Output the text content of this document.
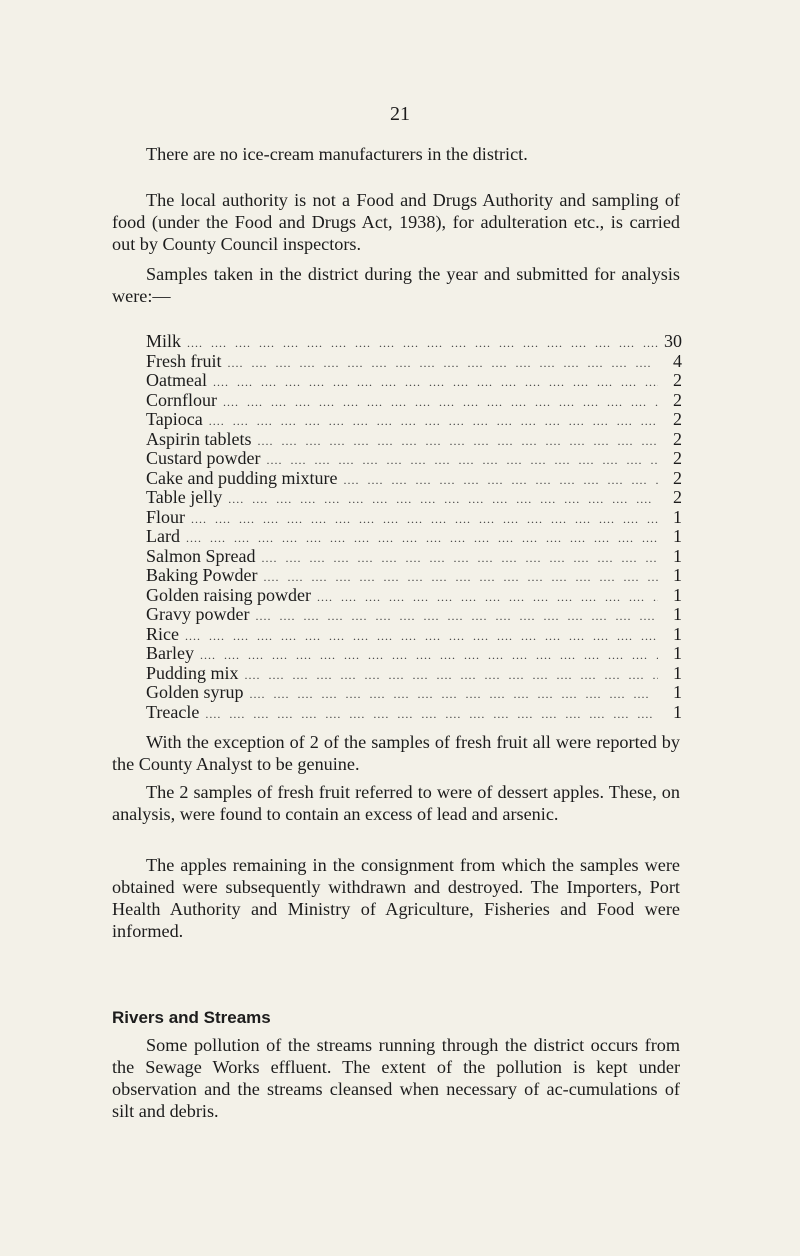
21

There are no ice-cream manufacturers in the district.

The local authority is not a Food and Drugs Authority and sampling of food (under the Food and Drugs Act, 1938), for adulteration etc., is carried out by County Council inspectors.

Samples taken in the district during the year and submitted for analysis were:—

Milk ....	30
Fresh fruit ....	4
Oatmeal ....	2
Cornflour ....	2
Tapioca ....	2
Aspirin tablets ....	2
Custard powder ....	2
Cake and pudding mixture ....	2
Table jelly ....	2
Flour ....	1
Lard ....	1
Salmon Spread ....	1
Baking Powder ....	1
Golden raising powder ....	1
Gravy powder ....	1
Rice ....	1
Barley ....	1
Pudding mix ....	1
Golden syrup ....	1
Treacle ....	1

With the exception of 2 of the samples of fresh fruit all were reported by the County Analyst to be genuine.

The 2 samples of fresh fruit referred to were of dessert apples. These, on analysis, were found to contain an excess of lead and arsenic.

The apples remaining in the consignment from which the samples were obtained were subsequently withdrawn and destroyed. The Importers, Port Health Authority and Ministry of Agriculture, Fisheries and Food were informed.

Rivers and Streams

Some pollution of the streams running through the district occurs from the Sewage Works effluent. The extent of the pollution is kept under observation and the streams cleansed when necessary of ac-cumulations of silt and debris.
